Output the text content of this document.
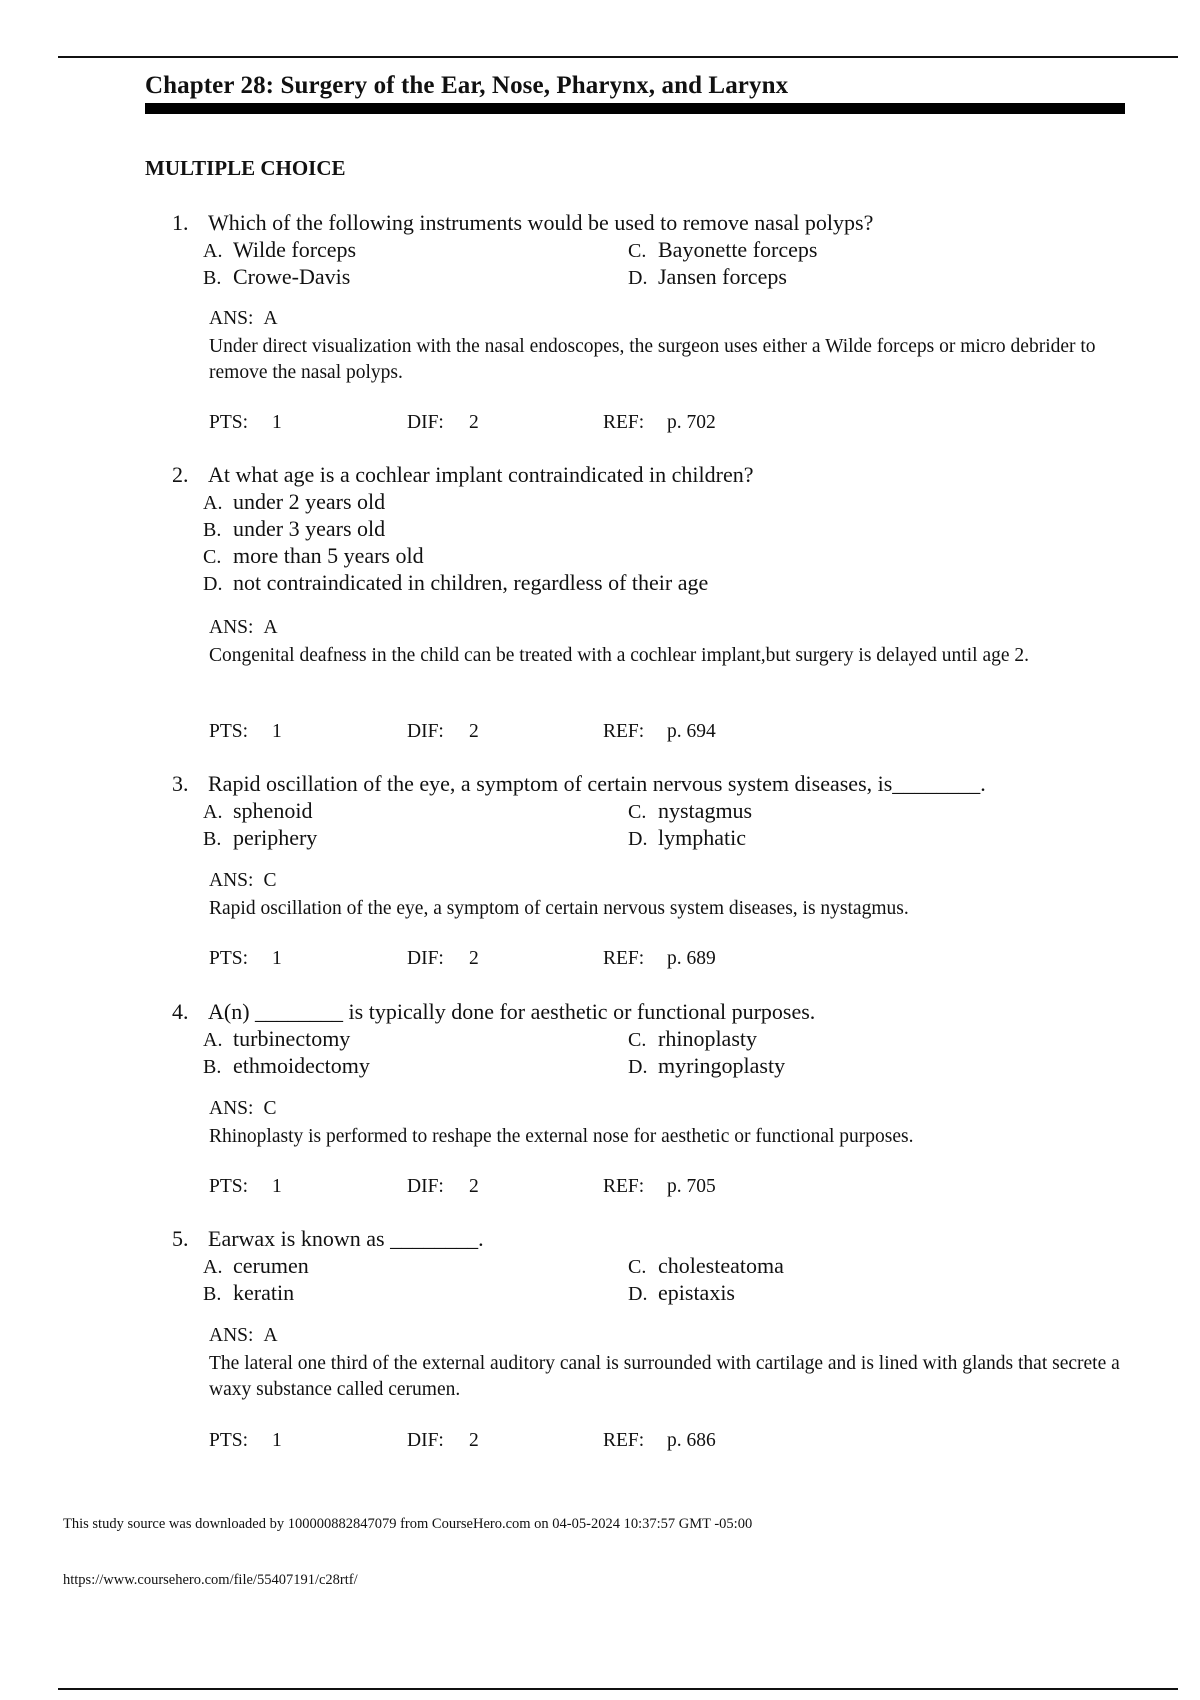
Chapter 28: Surgery of the Ear, Nose, Pharynx, and Larynx
MULTIPLE CHOICE
1. Which of the following instruments would be used to remove nasal polyps?
A. Wilde forceps
B. Crowe-Davis
C. Bayonette forceps
D. Jansen forceps
ANS: A
Under direct visualization with the nasal endoscopes, the surgeon uses either a Wilde forceps or micro debrider to remove the nasal polyps.
PTS: 1	DIF: 2	REF: p. 702
2. At what age is a cochlear implant contraindicated in children?
A. under 2 years old
B. under 3 years old
C. more than 5 years old
D. not contraindicated in children, regardless of their age
ANS: A
Congenital deafness in the child can be treated with a cochlear implant,but surgery is delayed until age 2.
PTS: 1	DIF: 2	REF: p. 694
3. Rapid oscillation of the eye, a symptom of certain nervous system diseases, is________.
A. sphenoid
B. periphery
C. nystagmus
D. lymphatic
ANS: C
Rapid oscillation of the eye, a symptom of certain nervous system diseases, is nystagmus.
PTS: 1	DIF: 2	REF: p. 689
4. A(n) ________ is typically done for aesthetic or functional purposes.
A. turbinectomy
B. ethmoidectomy
C. rhinoplasty
D. myringoplasty
ANS: C
Rhinoplasty is performed to reshape the external nose for aesthetic or functional purposes.
PTS: 1	DIF: 2	REF: p. 705
5. Earwax is known as ________.
A. cerumen
B. keratin
C. cholesteatoma
D. epistaxis
ANS: A
The lateral one third of the external auditory canal is surrounded with cartilage and is lined with glands that secrete a waxy substance called cerumen.
PTS: 1	DIF: 2	REF: p. 686
This study source was downloaded by 100000882847079 from CourseHero.com on 04-05-2024 10:37:57 GMT -05:00
https://www.coursehero.com/file/55407191/c28rtf/
